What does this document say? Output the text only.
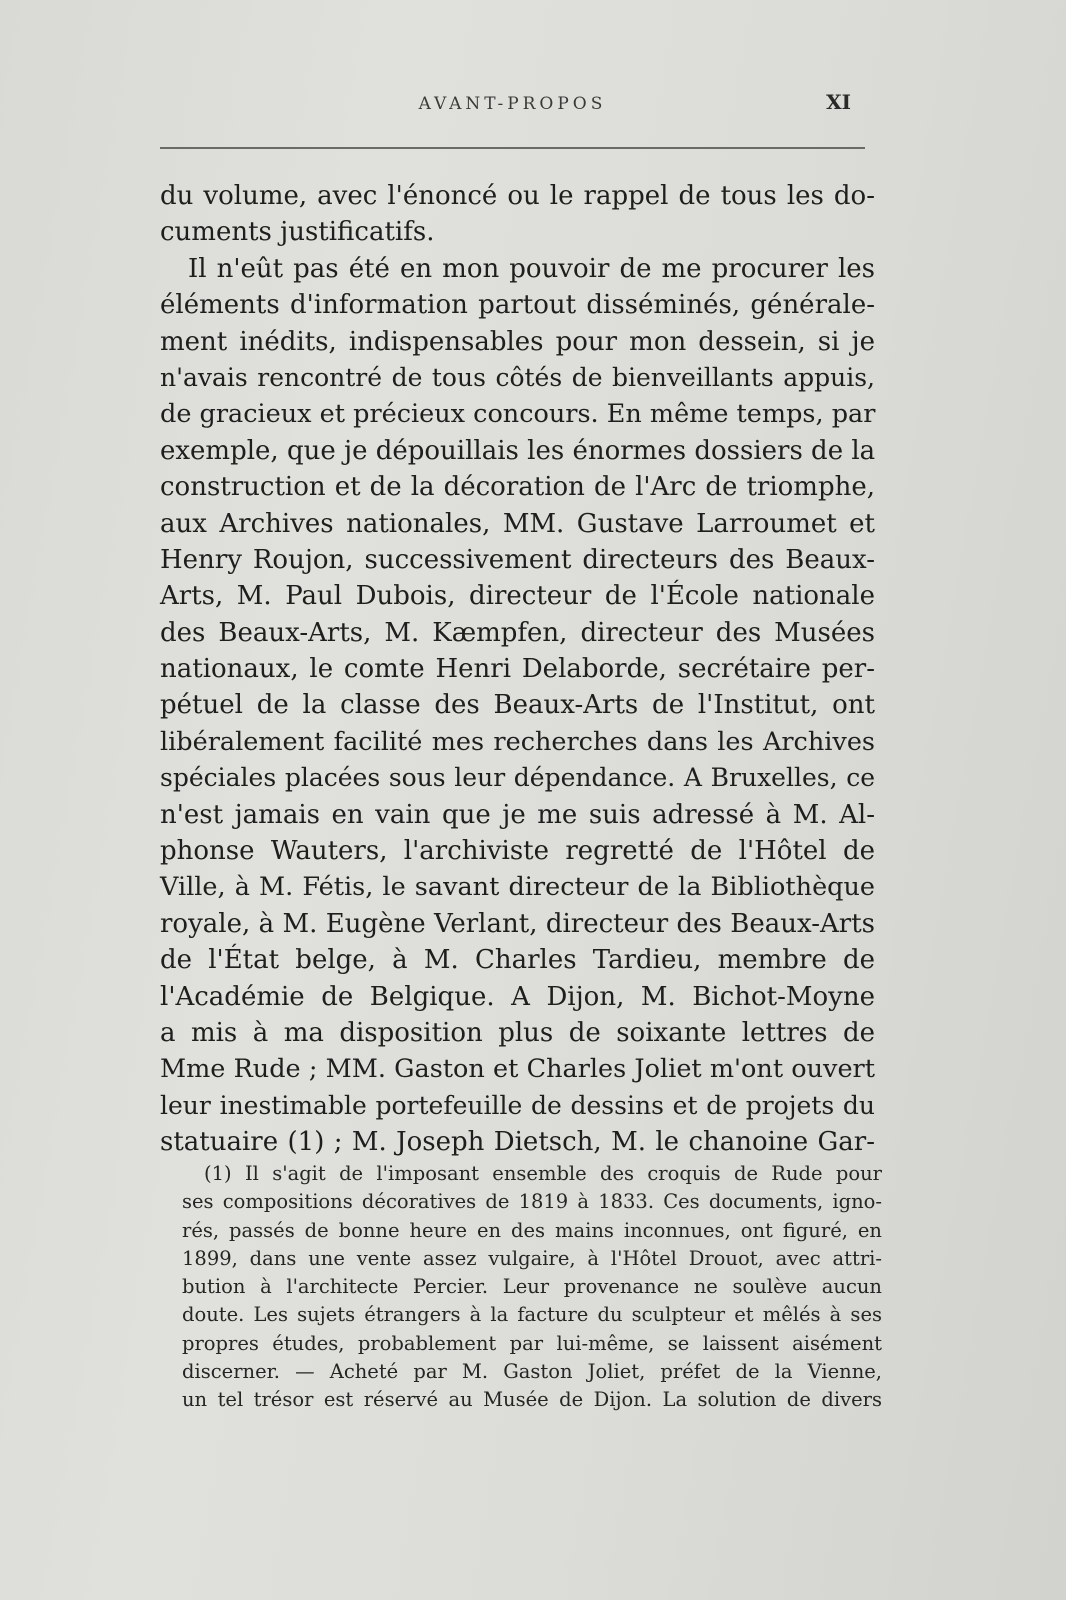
AVANT-PROPOS	XI
du volume, avec l'énoncé ou le rappel de tous les do-
cuments justificatifs.
Il n'eût pas été en mon pouvoir de me procurer les
éléments d'information partout disséminés, générale-
ment inédits, indispensables pour mon dessein, si je
n'avais rencontré de tous côtés de bienveillants appuis,
de gracieux et précieux concours. En même temps, par
exemple, que je dépouillais les énormes dossiers de la
construction et de la décoration de l'Arc de triomphe,
aux Archives nationales, MM. Gustave Larroumet et
Henry Roujon, successivement directeurs des Beaux-
Arts, M. Paul Dubois, directeur de l'École nationale
des Beaux-Arts, M. Kæmpfen, directeur des Musées
nationaux, le comte Henri Delaborde, secrétaire per-
pétuel de la classe des Beaux-Arts de l'Institut, ont
libéralement facilité mes recherches dans les Archives
spéciales placées sous leur dépendance. A Bruxelles, ce
n'est jamais en vain que je me suis adressé à M. Al-
phonse Wauters, l'archiviste regretté de l'Hôtel de
Ville, à M. Fétis, le savant directeur de la Bibliothèque
royale, à M. Eugène Verlant, directeur des Beaux-Arts
de l'État belge, à M. Charles Tardieu, membre de
l'Académie de Belgique. A Dijon, M. Bichot-Moyne
a mis à ma disposition plus de soixante lettres de
Mme Rude ; MM. Gaston et Charles Joliet m'ont ouvert
leur inestimable portefeuille de dessins et de projets du
statuaire (1) ; M. Joseph Dietsch, M. le chanoine Gar-
(1) Il s'agit de l'imposant ensemble des croquis de Rude pour
ses compositions décoratives de 1819 à 1833. Ces documents, igno-
rés, passés de bonne heure en des mains inconnues, ont figuré, en
1899, dans une vente assez vulgaire, à l'Hôtel Drouot, avec attri-
bution à l'architecte Percier. Leur provenance ne soulève aucun
doute. Les sujets étrangers à la facture du sculpteur et mêlés à ses
propres études, probablement par lui-même, se laissent aisément
discerner. — Acheté par M. Gaston Joliet, préfet de la Vienne,
un tel trésor est réservé au Musée de Dijon. La solution de divers
